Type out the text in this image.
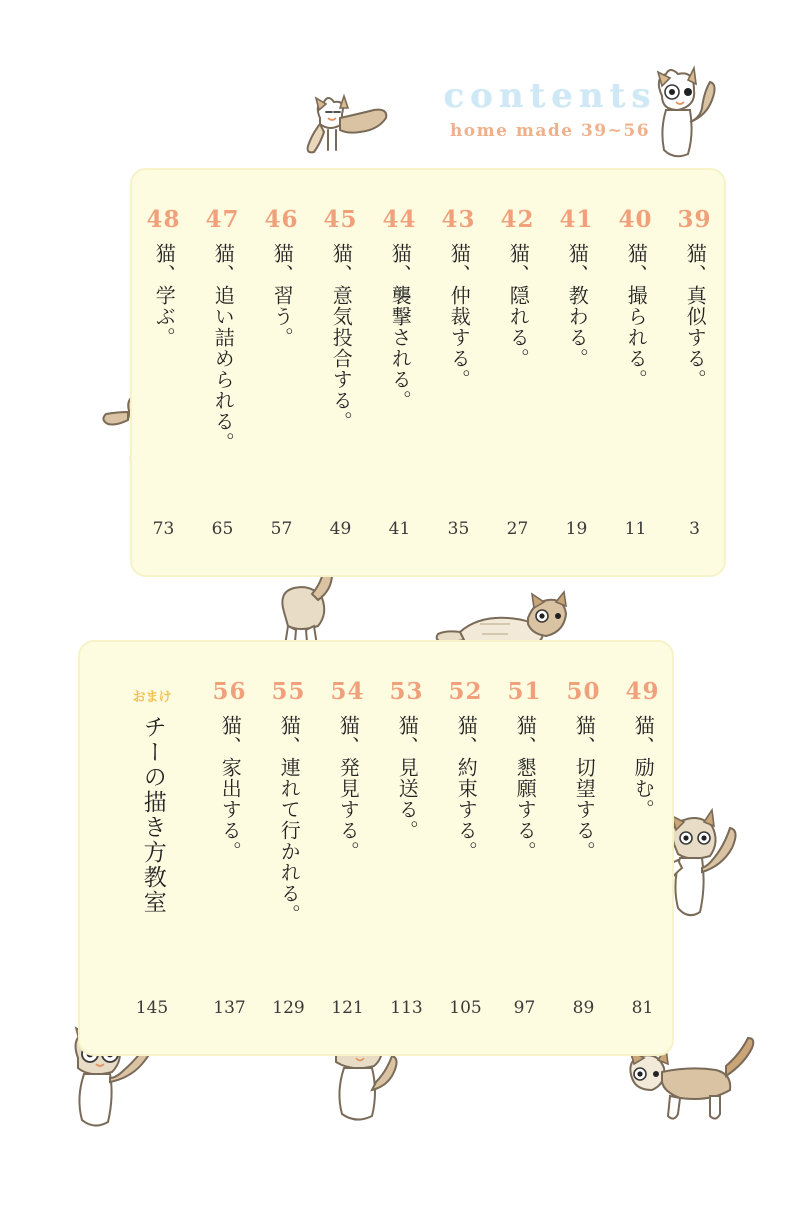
contents
home made 39~56
39
猫、真似する。
3
40
猫、撮られる。
11
41
猫、教わる。
19
42
猫、隠れる。
27
43
猫、仲裁する。
35
44
猫、襲撃される。
41
45
猫、意気投合する。
49
46
猫、習う。
57
47
猫、追い詰められる。
65
48
猫、学ぶ。
73
49
猫、励む。
81
50
猫、切望する。
89
51
猫、懇願する。
97
52
猫、約束する。
105
53
猫、見送る。
113
54
猫、発見する。
121
55
猫、連れて行かれる。
129
56
猫、家出する。
137
おまけ
チーの描き方教室
145
